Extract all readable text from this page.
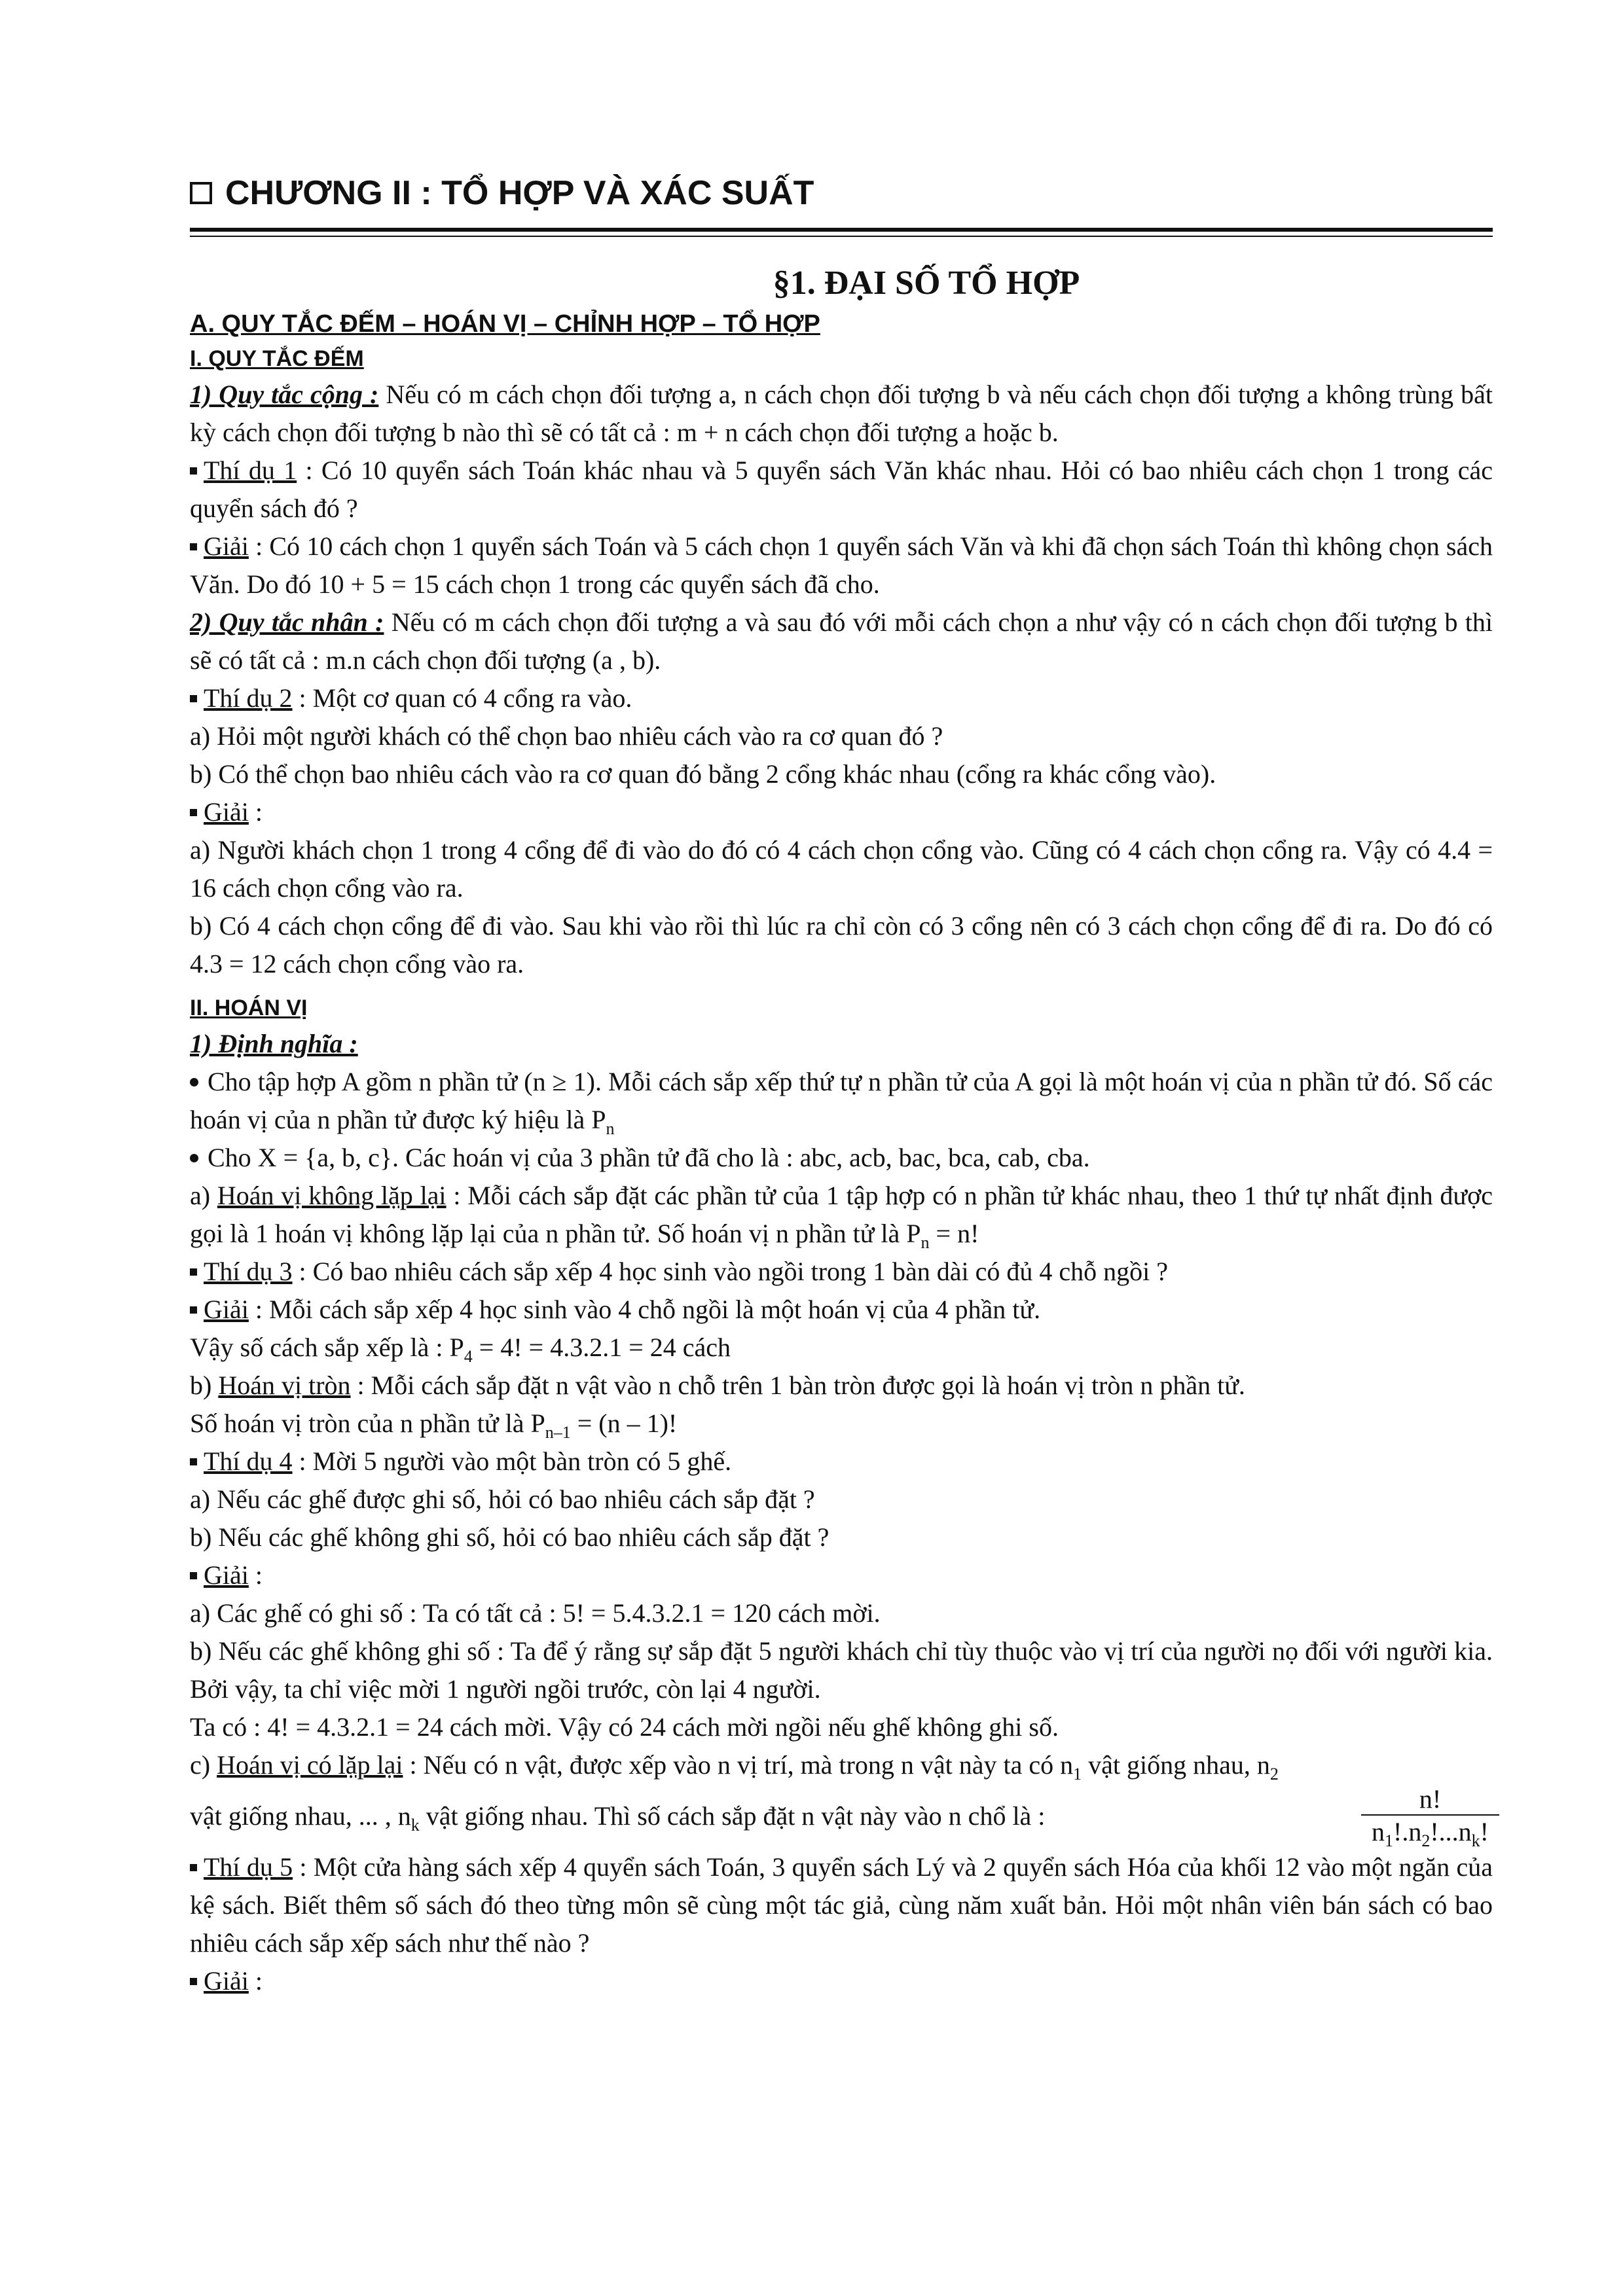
CHƯƠNG II : TỔ HỢP VÀ XÁC SUẤT
§1. ĐẠI SỐ TỔ HỢP
A. QUY TẮC ĐẾM – HOÁN VỊ – CHỈNH HỢP – TỔ HỢP
I. QUY TẮC ĐẾM

1) Quy tắc cộng : Nếu có m cách chọn đối tượng a, n cách chọn đối tượng b và nếu cách chọn đối tượng a không trùng bất kỳ cách chọn đối tượng b nào thì sẽ có tất cả : m + n cách chọn đối tượng a hoặc b.

Thí dụ 1 : Có 10 quyển sách Toán khác nhau và 5 quyển sách Văn khác nhau. Hỏi có bao nhiêu cách chọn 1 trong các quyển sách đó ?

Giải : Có 10 cách chọn 1 quyển sách Toán và 5 cách chọn 1 quyển sách Văn và khi đã chọn sách Toán thì không chọn sách Văn. Do đó 10 + 5 = 15 cách chọn 1 trong các quyển sách đã cho.

2) Quy tắc nhân : Nếu có m cách chọn đối tượng a và sau đó với mỗi cách chọn a như vậy có n cách chọn đối tượng b thì sẽ có tất cả : m.n cách chọn đối tượng (a , b).

Thí dụ 2 : Một cơ quan có 4 cổng ra vào.

a) Hỏi một người khách có thể chọn bao nhiêu cách vào ra cơ quan đó ?

b) Có thể chọn bao nhiêu cách vào ra cơ quan đó bằng 2 cổng khác nhau (cổng ra khác cổng vào).

Giải :

a) Người khách chọn 1 trong 4 cổng để đi vào do đó có 4 cách chọn cổng vào. Cũng có 4 cách chọn cổng ra. Vậy có 4.4 = 16 cách chọn cổng vào ra.

b) Có 4 cách chọn cổng để đi vào. Sau khi vào rồi thì lúc ra chỉ còn có 3 cổng nên có 3 cách chọn cổng để đi ra. Do đó có 4.3 = 12 cách chọn cổng vào ra.

II. HOÁN VỊ

1) Định nghĩa :

Cho tập hợp A gồm n phần tử (n ≥ 1). Mỗi cách sắp xếp thứ tự n phần tử của A gọi là một hoán vị của n phần tử đó. Số các hoán vị của n phần tử được ký hiệu là $P_n$

Cho X = {a, b, c}. Các hoán vị của 3 phần tử đã cho là : abc, acb, bac, bca, cab, cba.

a) Hoán vị không lặp lại : Mỗi cách sắp đặt các phần tử của 1 tập hợp có n phần tử khác nhau, theo 1 thứ tự nhất định được gọi là 1 hoán vị không lặp lại của n phần tử. Số hoán vị n phần tử là $P_n = n$!

Thí dụ 3 : Có bao nhiêu cách sắp xếp 4 học sinh vào ngồi trong 1 bàn dài có đủ 4 chỗ ngồi ?

Giải : Mỗi cách sắp xếp 4 học sinh vào 4 chỗ ngồi là một hoán vị của 4 phần tử.

Vậy số cách sắp xếp là : $P_4 = 4$! = 4.3.2.1 = 24 cách

b) Hoán vị tròn : Mỗi cách sắp đặt n vật vào n chỗ trên 1 bàn tròn được gọi là hoán vị tròn n phần tử.

Số hoán vị tròn của n phần tử là $P_{n-1} = (n - 1)$!

Thí dụ 4 : Mời 5 người vào một bàn tròn có 5 ghế.

a) Nếu các ghế được ghi số, hỏi có bao nhiêu cách sắp đặt ?

b) Nếu các ghế không ghi số, hỏi có bao nhiêu cách sắp đặt ?

Giải :

a) Các ghế có ghi số : Ta có tất cả : 5! = 5.4.3.2.1 = 120 cách mời.

b) Nếu các ghế không ghi số : Ta để ý rằng sự sắp đặt 5 người khách chỉ tùy thuộc vào vị trí của người nọ đối với người kia. Bởi vậy, ta chỉ việc mời 1 người ngồi trước, còn lại 4 người.

Ta có : 4! = 4.3.2.1 = 24 cách mời. Vậy có 24 cách mời ngồi nếu ghế không ghi số.

c) Hoán vị có lặp lại : Nếu có n vật, được xếp vào n vị trí, mà trong n vật này ta có $n_1$ vật giống nhau, $n_2$

vật giống nhau, ... , $n_k$ vật giống nhau. Thì số cách sắp đặt n vật này vào n chổ là :	$\frac{n!}{n_1!.n_2!...n_k!}$

Thí dụ 5 : Một cửa hàng sách xếp 4 quyển sách Toán, 3 quyển sách Lý và 2 quyển sách Hóa của khối 12 vào một ngăn của kệ sách. Biết thêm số sách đó theo từng môn sẽ cùng một tác giả, cùng năm xuất bản. Hỏi một nhân viên bán sách có bao nhiêu cách sắp xếp sách như thế nào ?

Giải :
